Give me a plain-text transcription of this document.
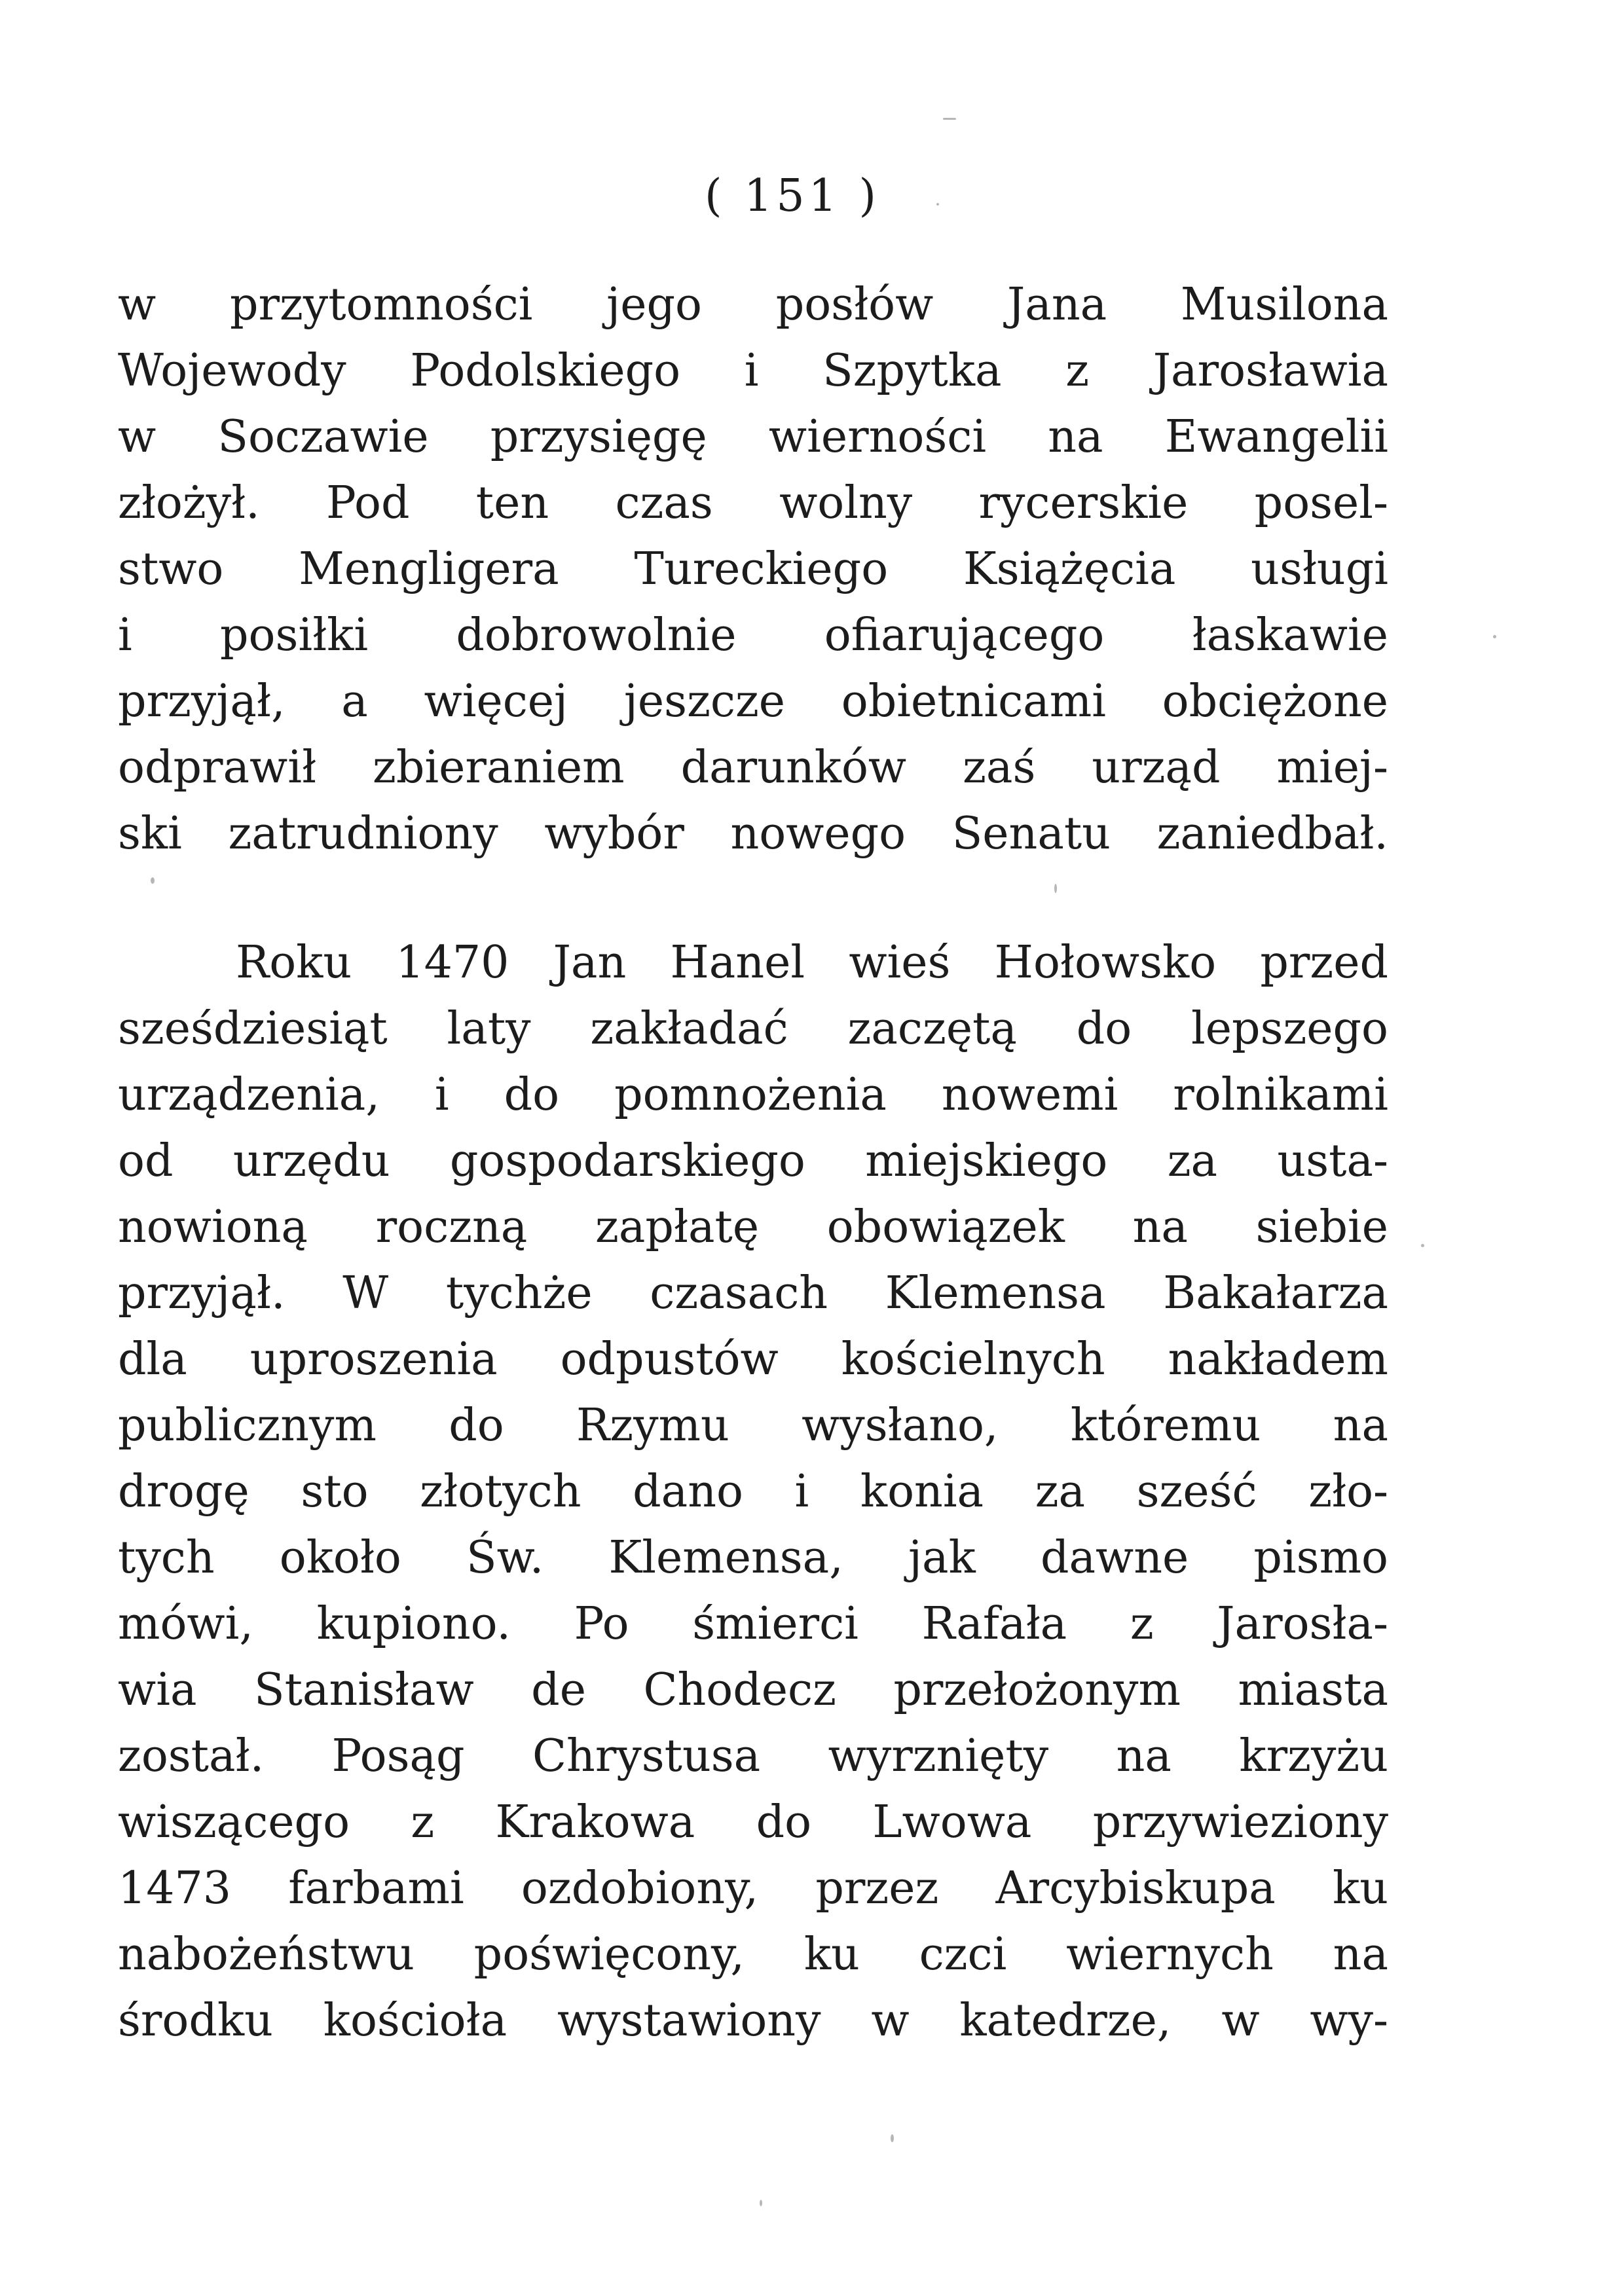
( 151 )
w przytomności jego posłów Jana Musilona
Wojewody Podolskiego i Szpytka z Jarosławia
w Soczawie przysięgę wierności na Ewangelii
złożył. Pod ten czas wolny rycerskie posel-
stwo Mengligera Tureckiego Książęcia usługi
i posiłki dobrowolnie ofiarującego łaskawie
przyjął, a więcej jeszcze obietnicami obciężone
odprawił zbieraniem darunków zaś urząd miej-
ski zatrudniony wybór nowego Senatu zaniedbał.
Roku 1470 Jan Hanel wieś Hołowsko przed
sześdziesiąt laty zakładać zaczętą do lepszego
urządzenia, i do pomnożenia nowemi rolnikami
od urzędu gospodarskiego miejskiego za usta-
nowioną roczną zapłatę obowiązek na siebie
przyjął. W tychże czasach Klemensa Bakałarza
dla uproszenia odpustów kościelnych nakładem
publicznym do Rzymu wysłano, któremu na
drogę sto złotych dano i konia za sześć zło-
tych około Św. Klemensa, jak dawne pismo
mówi, kupiono. Po śmierci Rafała z Jarosła-
wia Stanisław de Chodecz przełożonym miasta
został. Posąg Chrystusa wyrznięty na krzyżu
wiszącego z Krakowa do Lwowa przywieziony
1473 farbami ozdobiony, przez Arcybiskupa ku
nabożeństwu poświęcony, ku czci wiernych na
środku kościoła wystawiony w katedrze, w wy-
